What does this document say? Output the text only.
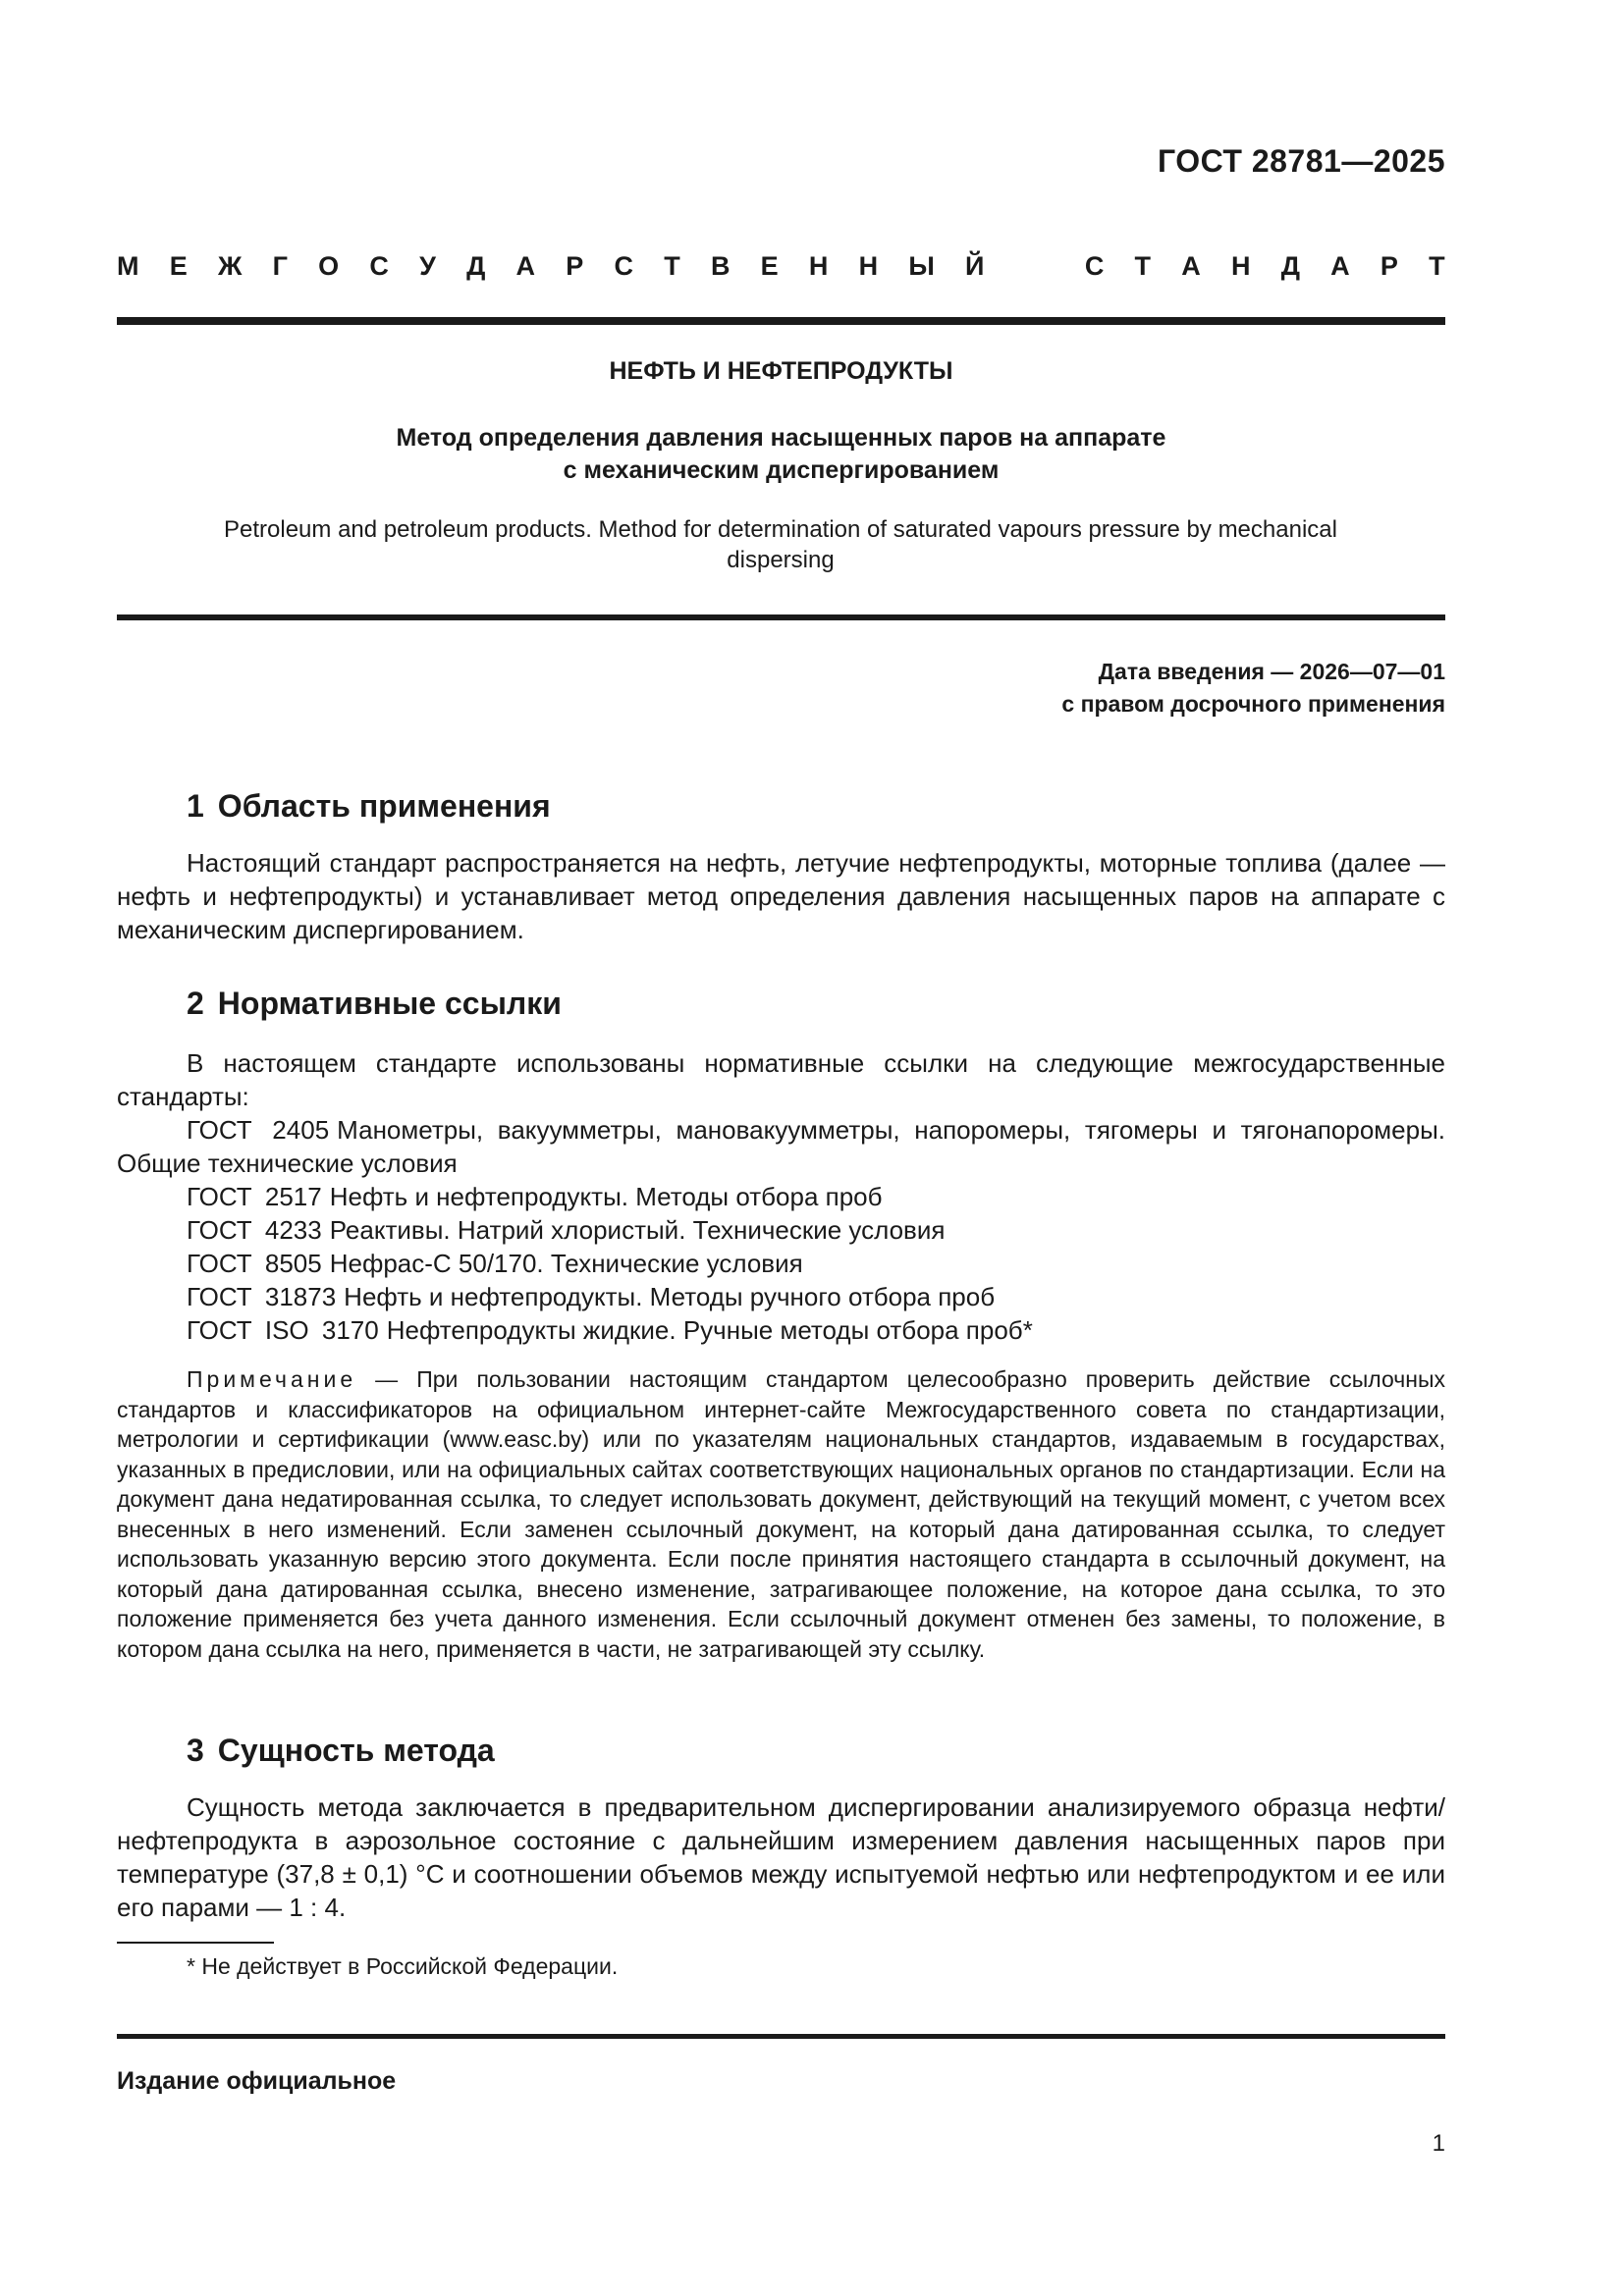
ГОСТ 28781—2025
М Е Ж Г О С У Д А Р С Т В Е Н Н Ы Й	С Т А Н Д А Р Т
НЕФТЬ И НЕФТЕПРОДУКТЫ
Метод определения давления насыщенных паров на аппарате
с механическим диспергированием
Petroleum and petroleum products. Method for determination of saturated vapours pressure by mechanical dispersing
Дата введения — 2026—07—01
с правом досрочного применения
1 Область применения
Настоящий стандарт распространяется на нефть, летучие нефтепродукты, моторные топлива (далее — нефть и нефтепродукты) и устанавливает метод определения давления насыщенных паров на аппарате с механическим диспергированием.
2 Нормативные ссылки
В настоящем стандарте использованы нормативные ссылки на следующие межгосударственные стандарты:
ГОСТ 2405 Манометры, вакуумметры, мановакуумметры, напоромеры, тягомеры и тягонапоромеры. Общие технические условия
ГОСТ 2517 Нефть и нефтепродукты. Методы отбора проб
ГОСТ 4233 Реактивы. Натрий хлористый. Технические условия
ГОСТ 8505 Нефрас-С 50/170. Технические условия
ГОСТ 31873 Нефть и нефтепродукты. Методы ручного отбора проб
ГОСТ ISO 3170 Нефтепродукты жидкие. Ручные методы отбора проб*
Примечание — При пользовании настоящим стандартом целесообразно проверить действие ссылочных стандартов и классификаторов на официальном интернет-сайте Межгосударственного совета по стандартизации, метрологии и сертификации (www.easc.by) или по указателям национальных стандартов, издаваемым в государствах, указанных в предисловии, или на официальных сайтах соответствующих национальных органов по стандартизации. Если на документ дана недатированная ссылка, то следует использовать документ, действующий на текущий момент, с учетом всех внесенных в него изменений. Если заменен ссылочный документ, на который дана датированная ссылка, то следует использовать указанную версию этого документа. Если после принятия настоящего стандарта в ссылочный документ, на который дана датированная ссылка, внесено изменение, затрагивающее положение, на которое дана ссылка, то это положение применяется без учета данного изменения. Если ссылочный документ отменен без замены, то положение, в котором дана ссылка на него, применяется в части, не затрагивающей эту ссылку.
3 Сущность метода
Сущность метода заключается в предварительном диспергировании анализируемого образца нефти/нефтепродукта в аэрозольное состояние с дальнейшим измерением давления насыщенных паров при температуре (37,8 ± 0,1) °C и соотношении объемов между испытуемой нефтью или нефтепродуктом и ее или его парами — 1 : 4.
* Не действует в Российской Федерации.
Издание официальное
1
